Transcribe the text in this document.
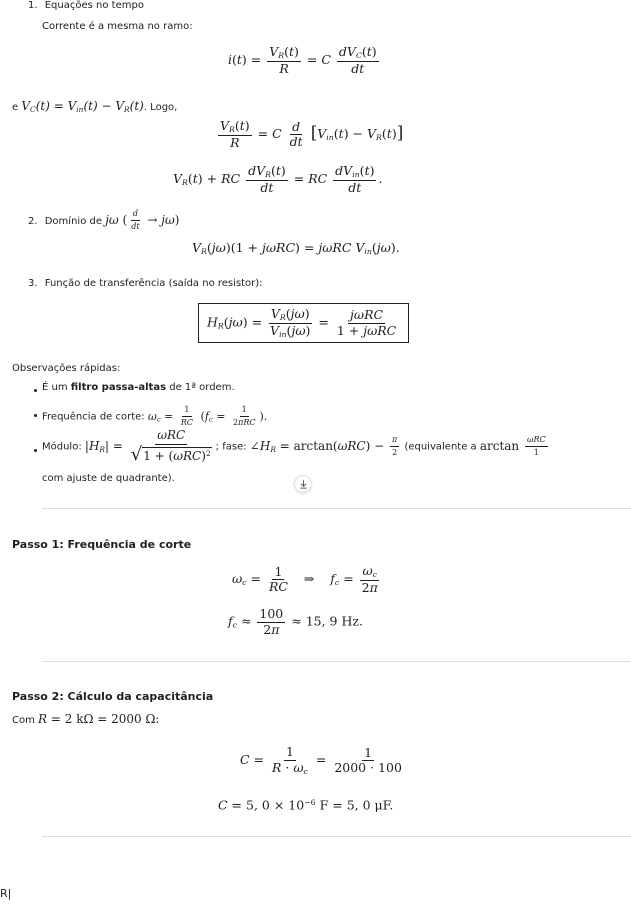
1. Equações no tempo
Corrente é a mesma no ramo:
$i(t) = \frac{V_R(t)}{R} = C \frac{dV_C(t)}{dt}$
e $V_C(t) = V_{in}(t) - V_R(t)$. Logo,
$\frac{V_R(t)}{R} = C \frac{d}{dt} [V_{in}(t) - V_R(t)]$
$V_R(t)$ + RC $\frac{dV_R(t)}{dt}$ = RC $\frac{dV_{in}(t)}{dt}$ .
2. Domínio de jω ( $\frac{d}{dt} \to j\omega$)
$V_R(j\omega)(1 + j\omega RC) = j\omega RC$ $V_{in}(j\omega)$.
3. Função de transferência (saída no resistor):
$H_R(j\omega) = \frac{V_R(j\omega)}{V_{in}(j\omega)} = \frac{\text{jωRC}}{\text{1 + jωRC}}$
Observações rápidas:
É um filtro passa-altas de 1ª ordem.
Frequência de corte: $\omega_c = \frac{1}{RC} (f_c = \frac{1}{\text{2πRC}}$ ).
Módulo: $|H_R| = \frac{\text{ωRC}}{√ 1 + (\omega RC)^2}$ ; fase: $\angle H_R = \arctan(\omega RC) - \frac{\pi}{2}$ (equivalente a $\arctan \frac{\text{ωRC}}{1}$
com ajuste de quadrante).
Passo 1: Frequência de corte
$\omega_c = \frac{1}{RC}$ ⇒    $f_c = \frac{\omega_c}{2\pi}$
$f_c \approx \frac{100}{2\pi} \approx 15$, 9 Hz.
Passo 2: Cálculo da capacitância
Com R = 2 kΩ = 2000 Ω:
$C = \frac{1}{R \cdot \omega_c} = \frac{1}{2000 \cdot 100}$
C = 5, $0 \times 10^{-6}$ F = 5, 0 μF.
R|
